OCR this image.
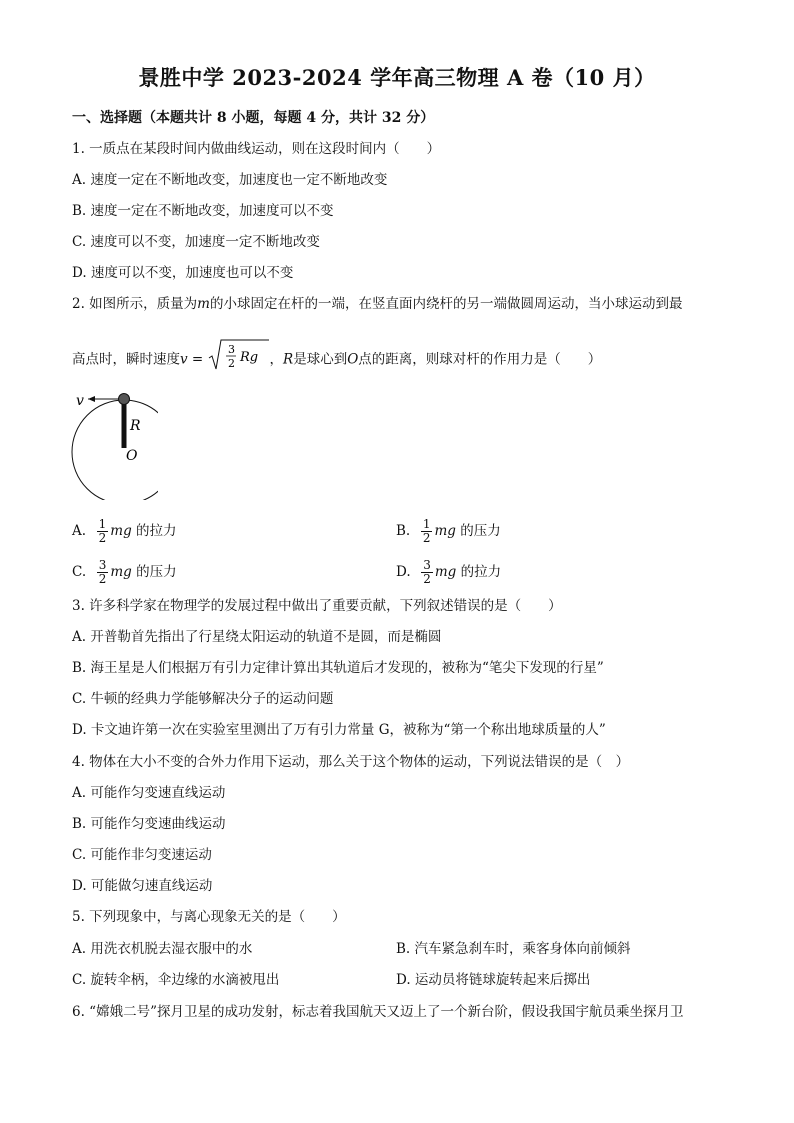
景胜中学 2023-2024 学年高三物理 A 卷（10 月）
一、选择题（本题共计 8 小题，每题 4 分，共计 32 分）
1. 一质点在某段时间内做曲线运动，则在这段时间内（　　）
A. 速度一定在不断地改变，加速度也一定不断地改变
B. 速度一定在不断地改变，加速度可以不变
C. 速度可以不变，加速度一定不断地改变
D. 速度可以不变，加速度也可以不变
2. 如图所示，质量为m的小球固定在杆的一端，在竖直面内绕杆的另一端做圆周运动，当小球运动到最
高点时，瞬时速度v =
3
2 Rg ，R是球心到O点的距离，则球对杆的作用力是（　　）
v
R
O
A. $\frac{1}{2}$ mg 的拉力	B. $\frac{1}{2}$ mg 的压力
C. $\frac{3}{2}$ mg 的压力	D. $\frac{3}{2}$ mg 的拉力
3. 许多科学家在物理学的发展过程中做出了重要贡献，下列叙述错误的是（　　）
A. 开普勒首先指出了行星绕太阳运动的轨道不是圆，而是椭圆
B. 海王星是人们根据万有引力定律计算出其轨道后才发现的，被称为“笔尖下发现的行星”
C. 牛顿的经典力学能够解决分子的运动问题
D. 卡文迪许第一次在实验室里测出了万有引力常量 G，被称为“第一个称出地球质量的人”
4. 物体在大小不变的合外力作用下运动，那么关于这个物体的运动，下列说法错误的是（　）
A. 可能作匀变速直线运动
B. 可能作匀变速曲线运动
C. 可能作非匀变速运动
D. 可能做匀速直线运动
5. 下列现象中，与离心现象无关的是（　　）
A. 用洗衣机脱去湿衣服中的水	B. 汽车紧急刹车时，乘客身体向前倾斜
C. 旋转伞柄，伞边缘的水滴被甩出	D. 运动员将链球旋转起来后掷出
6. “嫦娥二号”探月卫星的成功发射，标志着我国航天又迈上了一个新台阶，假设我国宇航员乘坐探月卫
